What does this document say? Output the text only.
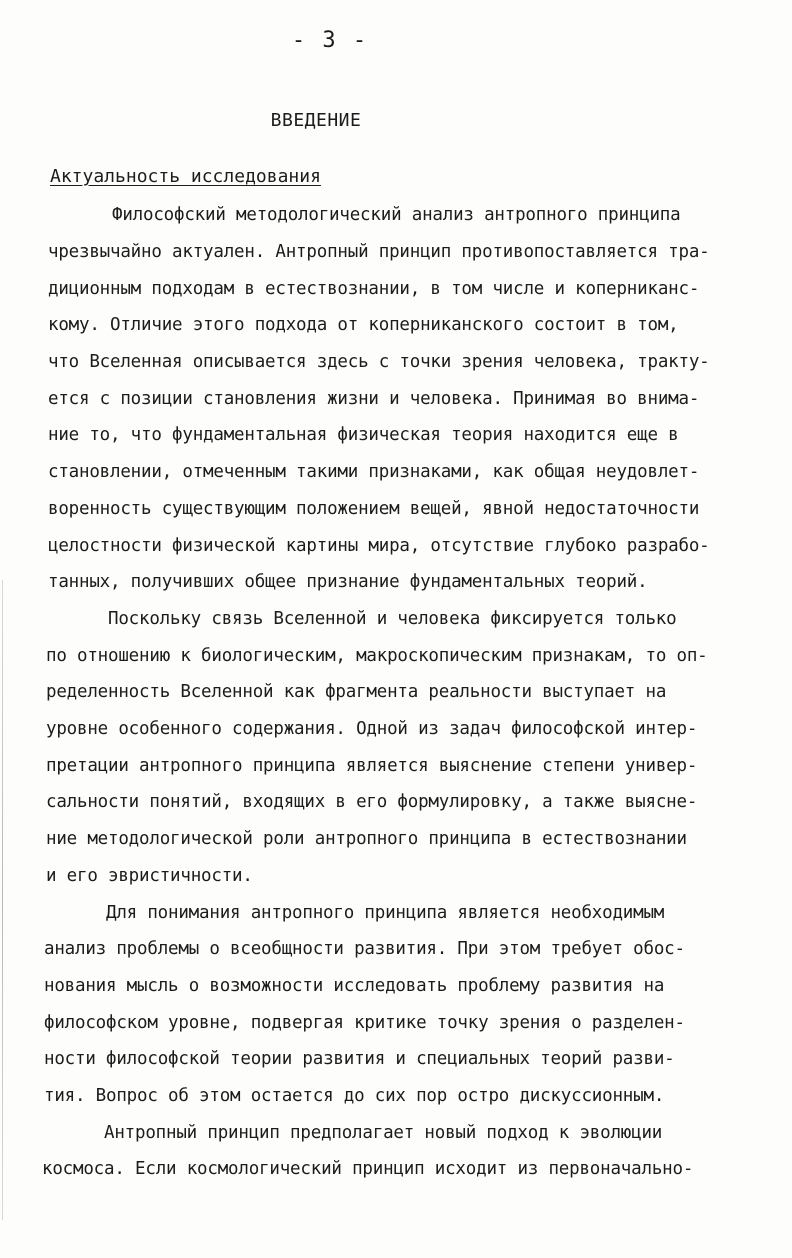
- 3 -
ВВЕДЕНИЕ
Актуальность исследования
Философский методологический анализ антропного принципа
чрезвычайно актуален. Антропный принцип противопоставляется тра-
диционным подходам в естествознании, в том числе и коперниканс-
кому. Отличие этого подхода от коперниканского состоит в том,
что Вселенная описывается здесь с точки зрения человека, тракту-
ется с позиции становления жизни и человека. Принимая во внима-
ние то, что фундаментальная физическая теория находится еще в
становлении, отмеченным такими признаками, как общая неудовлет-
воренность существующим положением вещей, явной недостаточности
целостности физической картины мира, отсутствие глубоко разрабо-
танных, получивших общее признание фундаментальных теорий.
Поскольку связь Вселенной и человека фиксируется только
по отношению к биологическим, макроскопическим признакам, то оп-
ределенность Вселенной как фрагмента реальности выступает на
уровне особенного содержания. Одной из задач философской интер-
претации антропного принципа является выяснение степени универ-
сальности понятий, входящих в его формулировку, а также выясне-
ние методологической роли антропного принципа в естествознании
и его эвристичности.
Для понимания антропного принципа является необходимым
анализ проблемы о всеобщности развития. При этом требует обос-
нования мысль о возможности исследовать проблему развития на
философском уровне, подвергая критике точку зрения о разделен-
ности философской теории развития и специальных теорий разви-
тия. Вопрос об этом остается до сих пор остро дискуссионным.
Антропный принцип предполагает новый подход к эволюции
космоса. Если космологический принцип исходит из первоначально-
